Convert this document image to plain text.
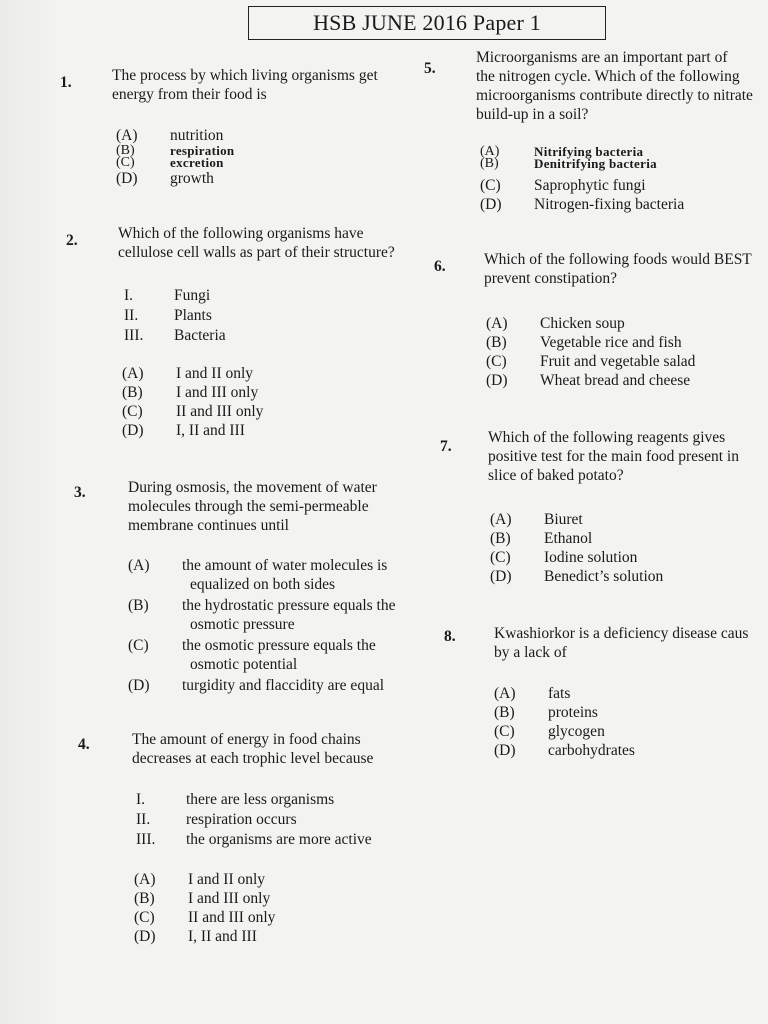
HSB JUNE 2016 Paper 1
1.	The process by which living organisms get
energy from their food is
(A)	nutrition
(B)	respiration
(C)	excretion
(D)	growth
2.	Which of the following organisms have
cellulose cell walls as part of their structure?
I.	Fungi
II.	Plants
III.	Bacteria
(A)	I and II only
(B)	I and III only
(C)	II and III only
(D)	I, II and III
3.	During osmosis, the movement of water
molecules through the semi-permeable
membrane continues until
(A)	the amount of water molecules is
equalized on both sides
(B)	the hydrostatic pressure equals the
osmotic pressure
(C)	the osmotic pressure equals the
osmotic potential
(D)	turgidity and flaccidity are equal
4.	The amount of energy in food chains
decreases at each trophic level because
I.	there are less organisms
II.	respiration occurs
III.	the organisms are more active
(A)	I and II only
(B)	I and III only
(C)	II and III only
(D)	I, II and III
5.
Microorganisms are an important part of
the nitrogen cycle. Which of the following
microorganisms contribute directly to nitrate
build-up in a soil?
(A)	Nitrifying bacteria
(B)	Denitrifying bacteria
(C)	Saprophytic fungi
(D)	Nitrogen-fixing bacteria
6. Which of the following foods would BEST
prevent constipation?
(A)	Chicken soup
(B)	Vegetable rice and fish
(C)	Fruit and vegetable salad
(D)	Wheat bread and cheese
7.
Which of the following reagents gives
positive test for the main food present in
slice of baked potato?
(A)	Biuret
(B)	Ethanol
(C)	Iodine solution
(D)	Benedict’s solution
8. Kwashiorkor is a deficiency disease caus
by a lack of
(A)	fats
(B)	proteins
(C)	glycogen
(D)	carbohydrates
